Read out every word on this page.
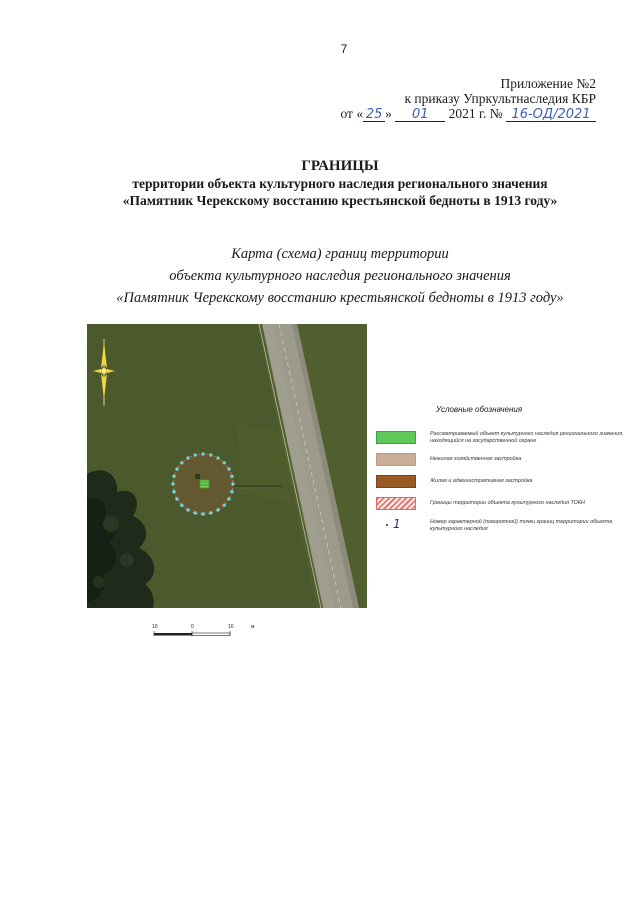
7
Приложение №2
к приказу Упркультнаследия КБР
от « 25 » 01 2021 г. № 16-ОД/2021
ГРАНИЦЫ
территории объекта культурного наследия регионального значения
«Памятник Черекскому восстанию крестьянской бедноты в 1913 году»
Карта (схема) границ территории
объекта культурного наследия регионального значения
«Памятник Черекскому восстанию крестьянской бедноты в 1913 году»
Условные обозначения
Рассматриваемый объект культурного наследия регионального значения, находящийся на государственной охране
Нежилая хозяйственная застройка
Жилая и административная застройка
Границы территории объекта культурного наследия ТОКН
1	Номер характерной (поворотной) точки границ территории объекта культурного наследия
10	0	10	м
